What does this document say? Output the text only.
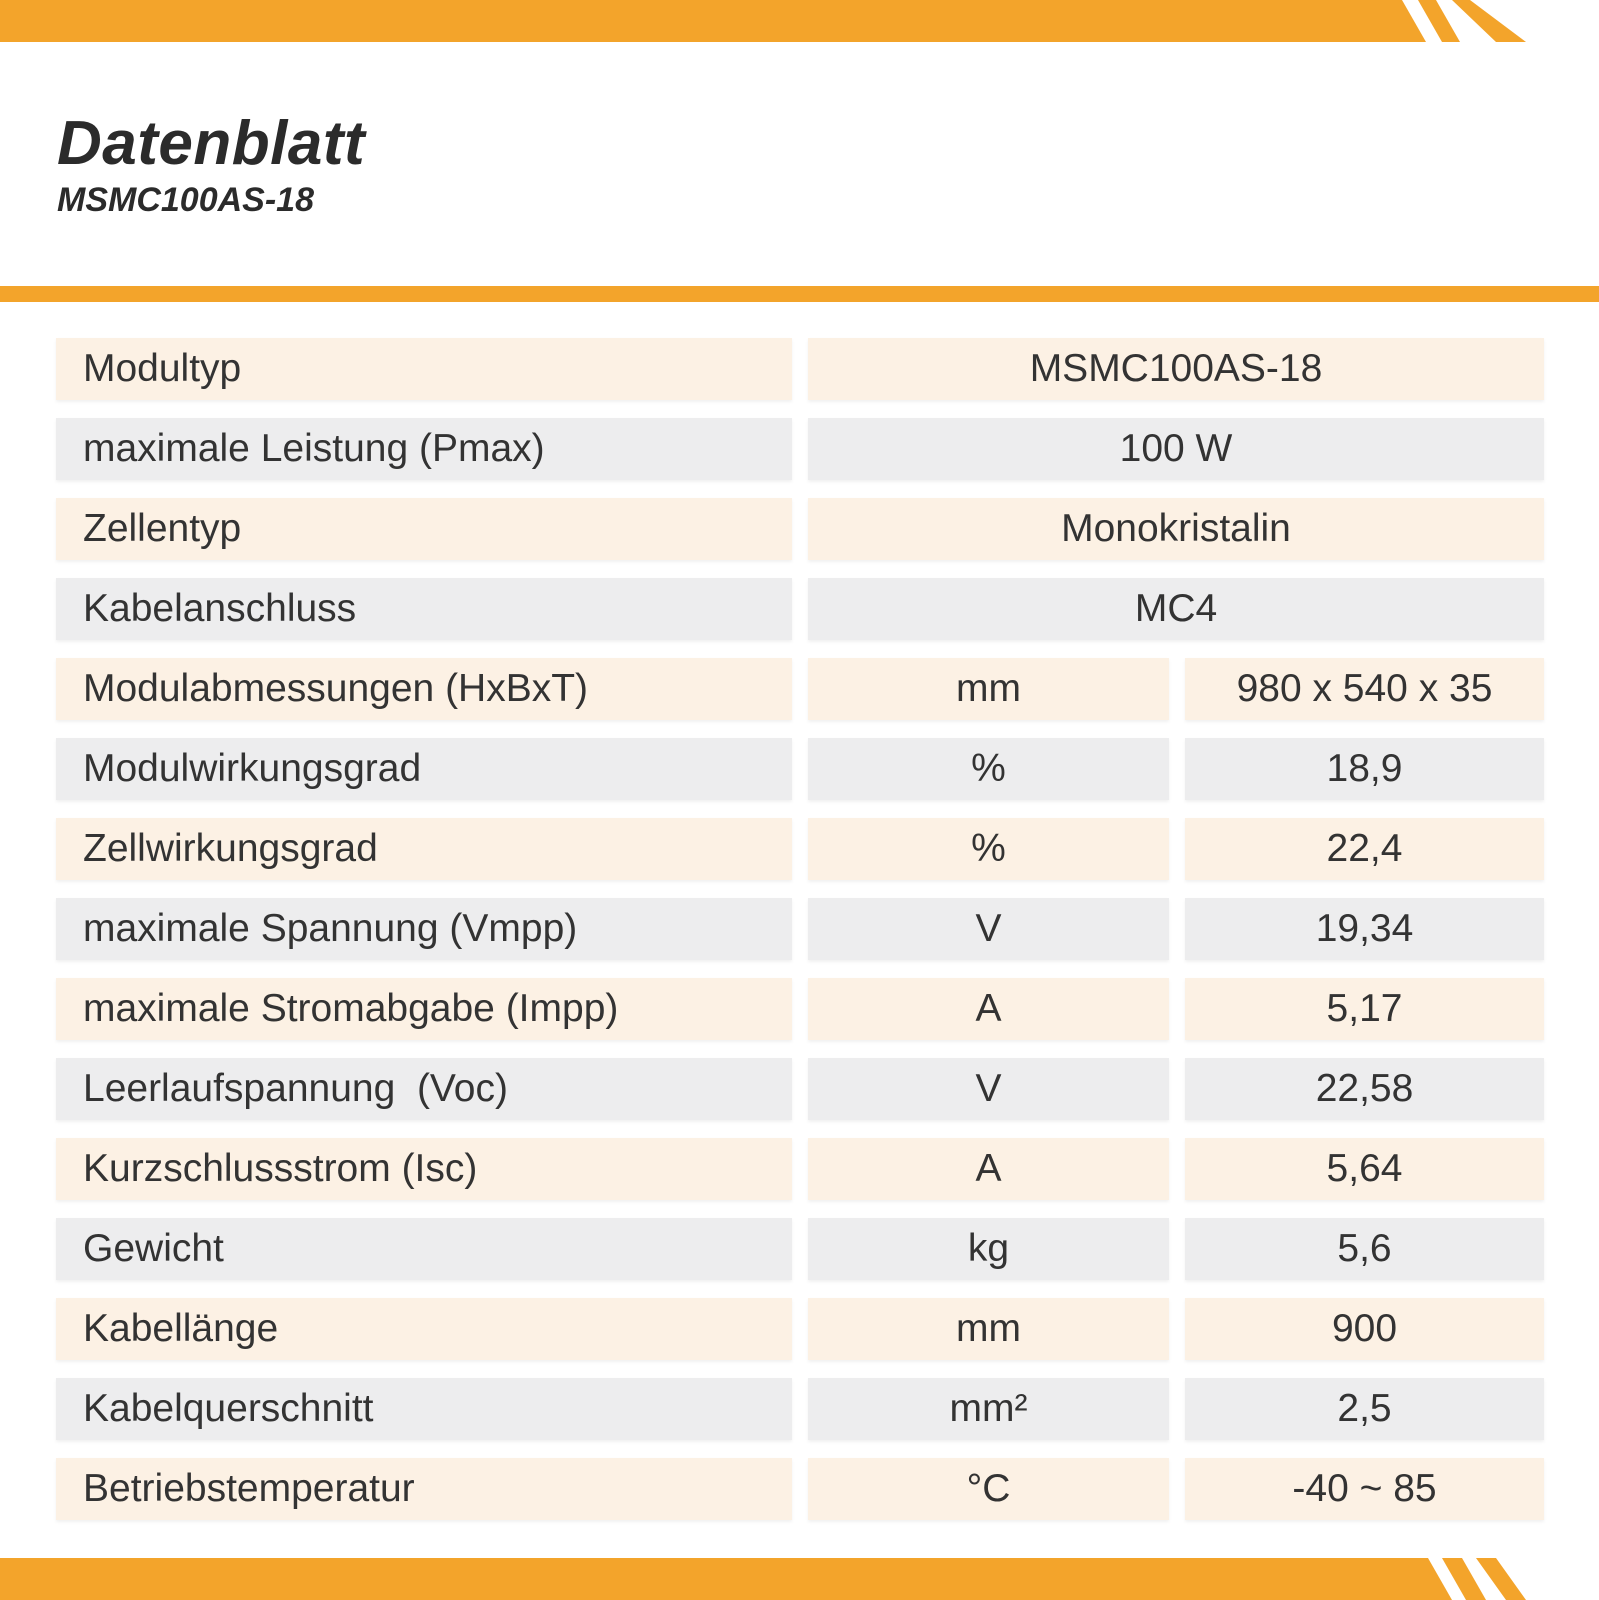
Datenblatt
MSMC100AS-18
Modultyp	MSMC100AS-18
maximale Leistung (Pmax)	100 W
Zellentyp	Monokristalin
Kabelanschluss	MC4
Modulabmessungen (HxBxT)	mm	980 x 540 x 35
Modulwirkungsgrad	%	18,9
Zellwirkungsgrad	%	22,4
maximale Spannung (Vmpp)	V	19,34
maximale Stromabgabe (Impp)	A	5,17
Leerlaufspannung  (Voc)	V	22,58
Kurzschlussstrom (Isc)	A	5,64
Gewicht	kg	5,6
Kabellänge	mm	900
Kabelquerschnitt	mm²	2,5
Betriebstemperatur	°C	-40 ~ 85
